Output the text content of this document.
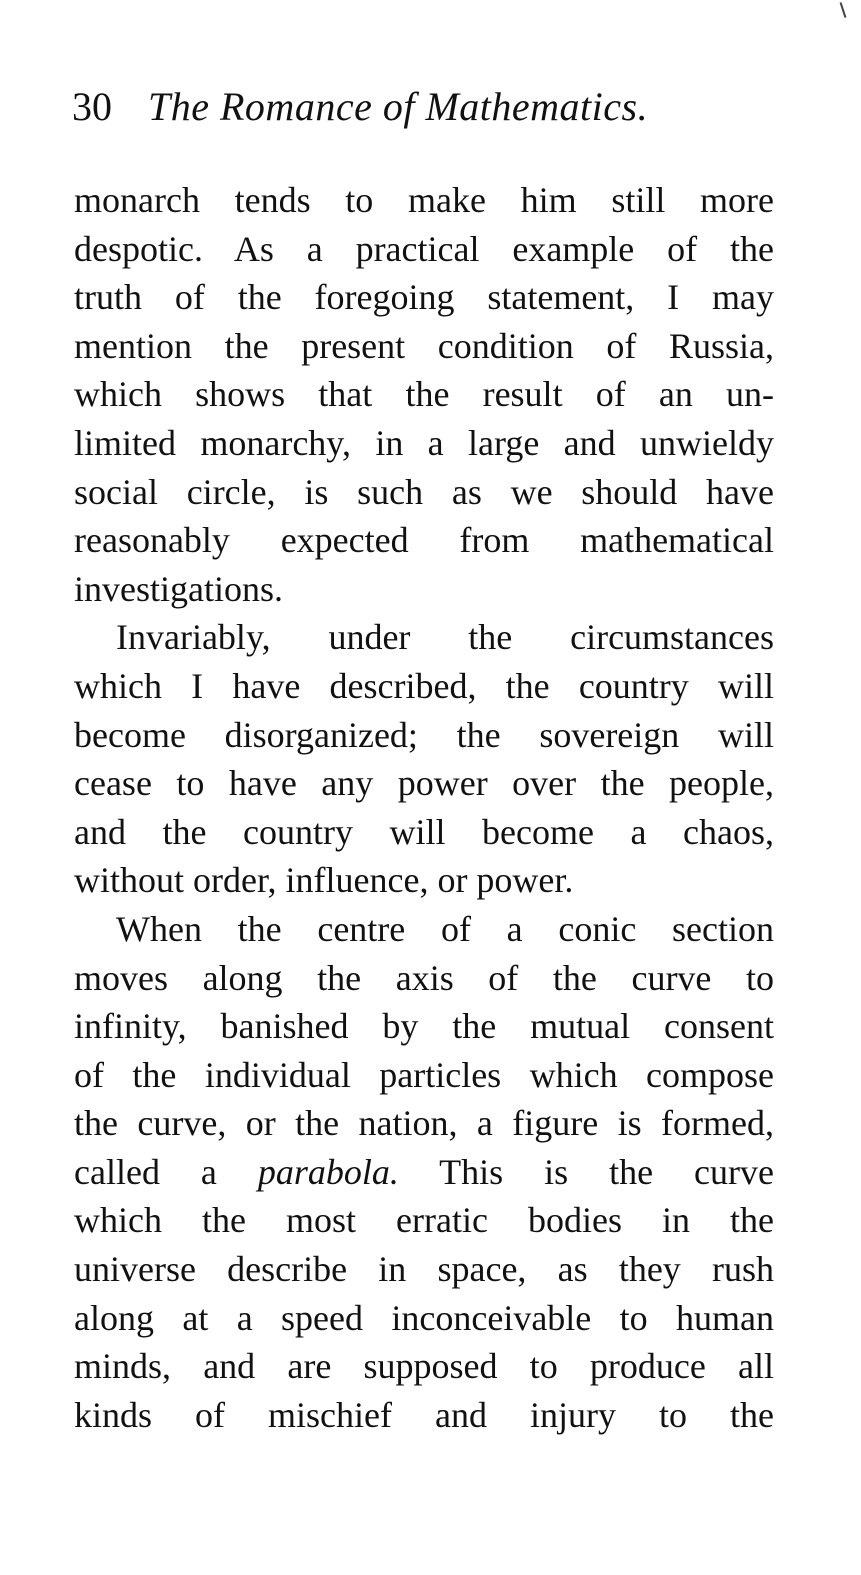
30 The Romance of Mathematics.
monarch tends to make him still more
despotic. As a practical example of the
truth of the foregoing statement, I may
mention the present condition of Russia,
which shows that the result of an un-
limited monarchy, in a large and unwieldy
social circle, is such as we should have
reasonably expected from mathematical
investigations.
Invariably, under the circumstances
which I have described, the country will
become disorganized; the sovereign will
cease to have any power over the people,
and the country will become a chaos,
without order, influence, or power.
When the centre of a conic section
moves along the axis of the curve to
infinity, banished by the mutual consent
of the individual particles which compose
the curve, or the nation, a figure is formed,
called a parabola. This is the curve
which the most erratic bodies in the
universe describe in space, as they rush
along at a speed inconceivable to human
minds, and are supposed to produce all
kinds of mischief and injury to the
